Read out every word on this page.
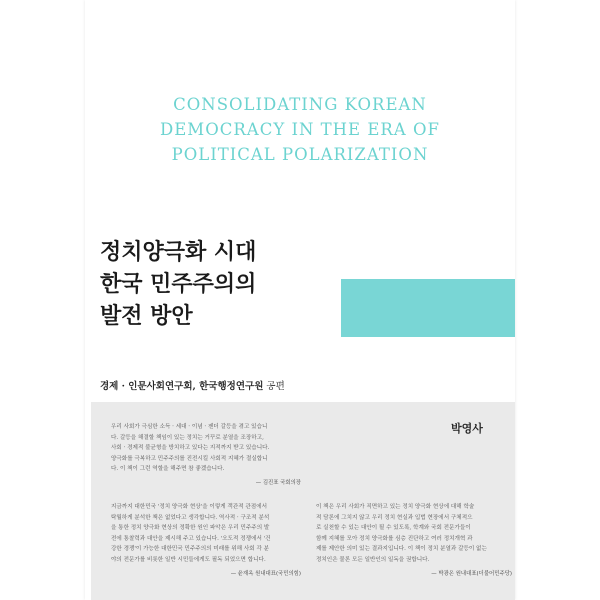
CONSOLIDATING KOREAN
DEMOCRACY IN THE ERA OF
POLITICAL POLARIZATION
정치양극화 시대
한국 민주주의의
발전 방안
경제 · 인문사회연구회, 한국행정연구원 공편
박영사
우리 사회가 극심한 소득 · 세대 · 이념 · 젠더 갈등을 겪고 있습니
다. 갈등을 해결할 책임이 있는 정치는 거꾸로 분열을 조장하고,
사회 · 경제적 불균형을 방치하고 있다는 지적까지 받고 있습니다.
양극화를 극복하고 민주주의를 진전시킬 사회적 지혜가 절실합니
다. 이 책이 그런 역할을 해주면 참 좋겠습니다.
— 김진표 국회의장
지금까지 대한민국 '정치 양극화 현상'을 이렇게 객관적 관점에서
탁월하게 분석한 책은 없었다고 생각합니다. 역사적 · 구조적 분석
을 통한 정치 양극화 현상의 정확한 원인 파악은 우리 민주주의 발
전에 통찰력과 대안을 제시해 주고 있습니다. '오도적 정쟁에서 '건
강한 경쟁'이 가능한 대한민국 민주주의의 미래를 위해 사회 각 분
야의 전문가를 비롯한 일반 시민들에게도 필독 되었으면 합니다.
— 윤재옥 원내대표(국민의힘)
이 책은 우리 사회가 직면하고 있는 정치 양극화 현상에 대해 학술
적 담론에 그치지 않고 우리 정치 현실과 입법 현장에서 구체적으
로 실천할 수 있는 대안이 될 수 있도록, 학계와 국회 전문가들이
함께 지혜를 모아 정치 양극화를 심층 진단하고 여러 정치개혁 과
제를 제안한 의미 있는 결과지입니다. 이 책이 정치 분열과 갈등이 없는
정치인은 물론 모든 일반인의 일독을 권합니다.
— 박광온 원내대표(더불어민주당)
